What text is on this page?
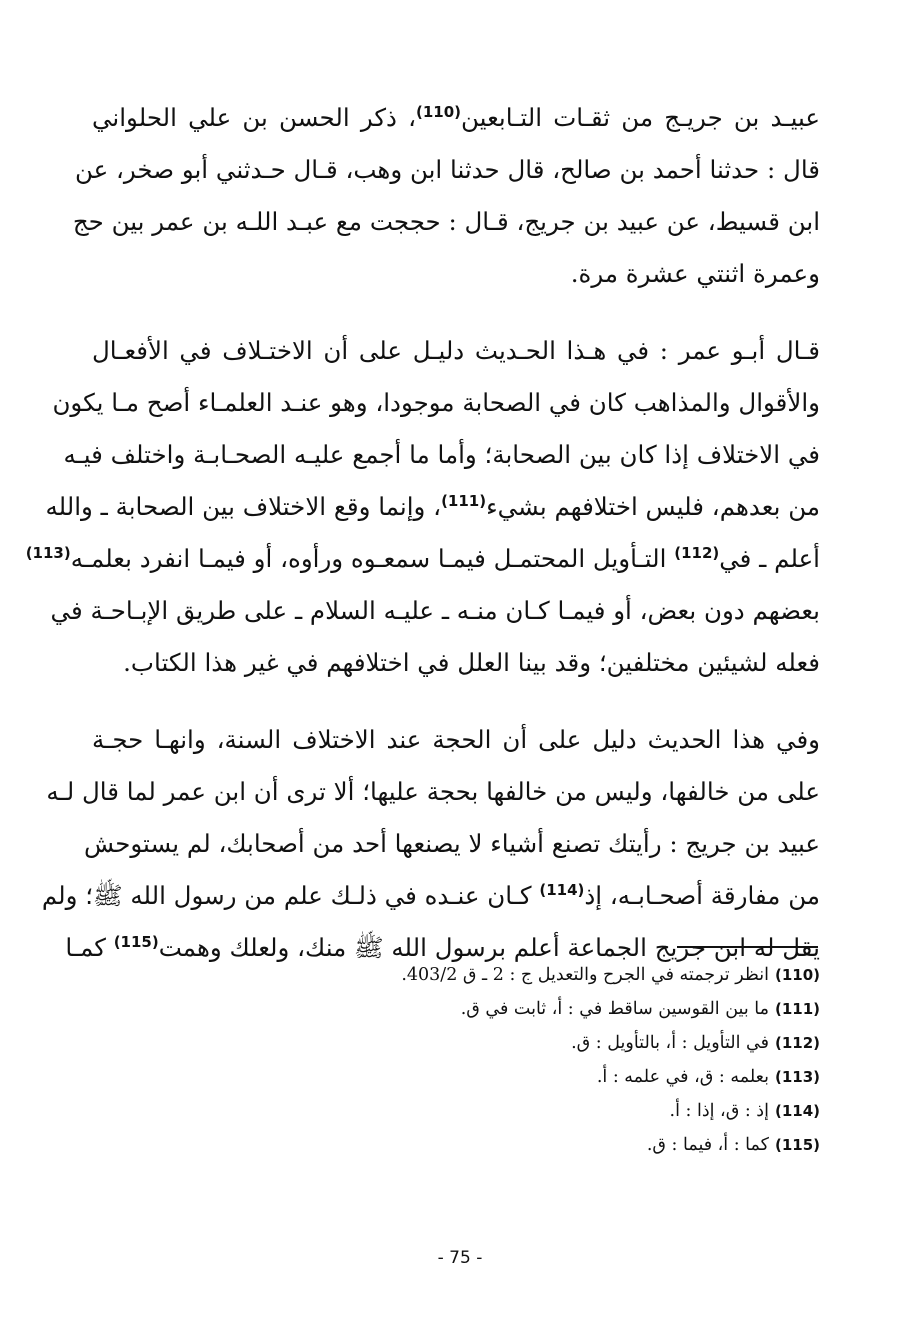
عبيـد بن جريـج من ثقـات التـابعين$^{(110)}$، ذكر الحسن بن علي الحلواني
قال : حدثنا أحمد بن صالح، قال حدثنا ابن وهب، قـال حـدثني أبو صخر، عن
ابن قسيط، عن عبيد بن جريج، قـال : حججت مع عبـد اللـه بن عمر بين حج
وعمرة اثنتي عشرة مرة.
قـال أبـو عمر : في هـذا الحـديث دليـل على أن الاختـلاف في الأفعـال
والأقوال والمذاهب كان في الصحابة موجودا، وهو عنـد العلمـاء أصح مـا يكون
في الاختلاف إذا كان بين الصحابة؛ وأما ما أجمع عليـه الصحـابـة واختلف فيـه
من بعدهم، فليس اختلافهم بشيء$^{(111)}$، وإنما وقع الاختلاف بين الصحابة ـ والله
أعلم ـ في$^{(112)}$ التـأويل المحتمـل فيمـا سمعـوه ورأوه، أو فيمـا انفرد بعلمـه$^{(113)}$
بعضهم دون بعض، أو فيمـا كـان منـه ـ عليـه السلام ـ على طريق الإبـاحـة في
فعله لشيئين مختلفين؛ وقد بينا العلل في اختلافهم في غير هذا الكتاب.
وفي هذا الحديث دليل على أن الحجة عند الاختلاف السنة، وانهـا حجـة
على من خالفها، وليس من خالفها بحجة عليها؛ ألا ترى أن ابن عمر لما قال لـه
عبيد بن جريج : رأيتك تصنع أشياء لا يصنعها أحد من أصحابك، لم يستوحش
من مفارقة أصحـابـه، إذ$^{(114)}$ كـان عنـده في ذلـك علم من رسول الله ﷺ؛ ولم
يقل له ابن جريج الجماعة أعلم برسول الله ﷺ منك، ولعلك وهمت$^{(115)}$ كمـا
(110)انظر ترجمته في الجرح والتعديل ج : 2 ـ ق 403/2.
(111)ما بين القوسين ساقط في : أ، ثابت في ق.
(112)في التأويل : أ، بالتأويل : ق.
(113)بعلمه : ق، في علمه : أ.
(114)إذ : ق، إذا : أ.
(115)كما : أ، فيما : ق.
- 75 -
